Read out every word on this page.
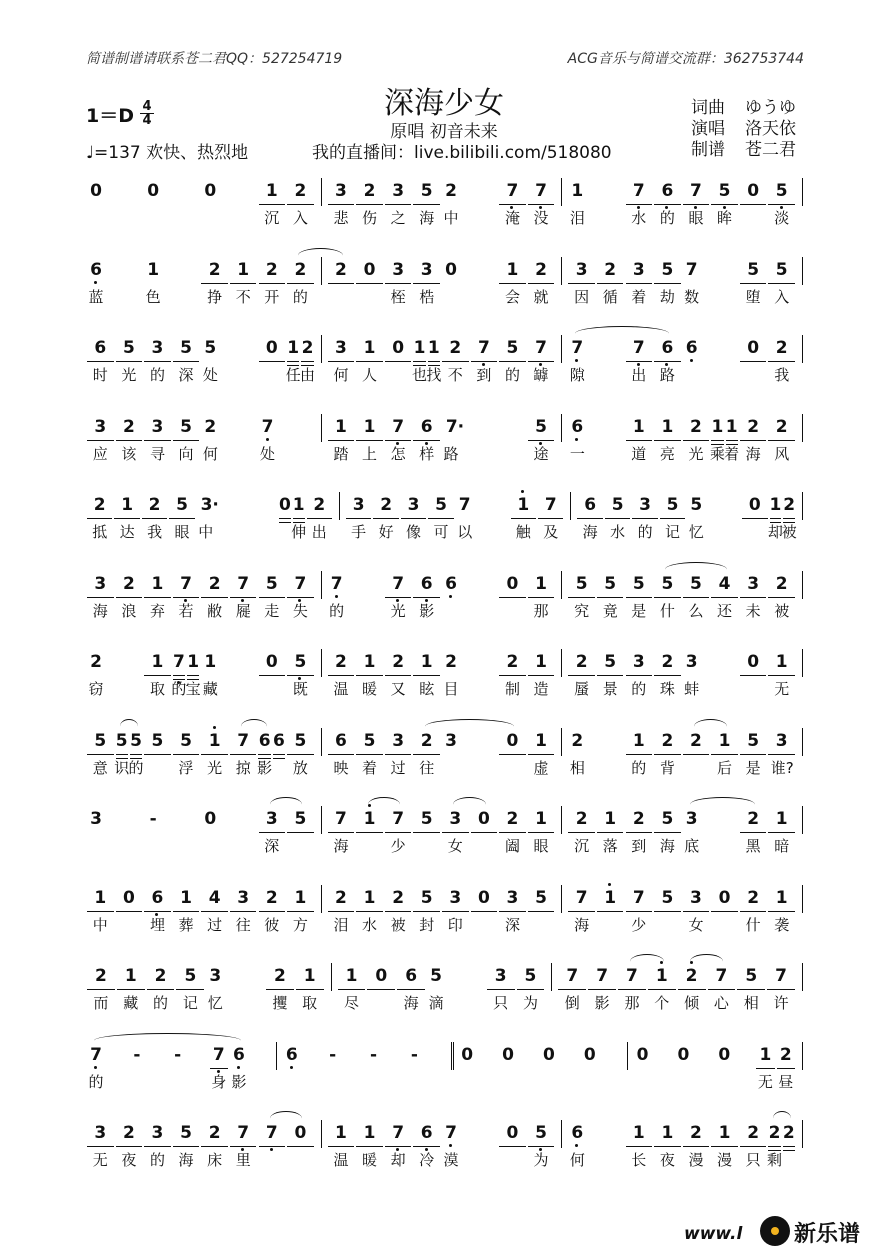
简谱制谱请联系苍二君QQ：527254719	ACG音乐与简谱交流群：362753744
深海少女
原唱 初音未来
$1=D \frac{4}{4}$
♩=137 欢快、热烈地	我的直播间：live.bilibili.com/518080
词曲 ゆうゆ
演唱 洛天依
制谱 苍二君
0	0	0	1 2 3 2 3 5 2	7 7 1	7 6 7 5 0 5
沉 入 悲 伤 之 海 中	淹 没 泪	水 的 眼 眸	淡
6	1	2 1 2 2 2 0 3 3 0	1 2 3 2 3 5 7	5 5
蓝	色	挣 不 开 的	桎 梏	会 就 因 循 着 劫 数	堕 入
6 5 3 5 5	0 1 2 3 1 0 1 1 2 7 5 7 7	7 6 6	0 2
时 光 的 深 处	任 由 何 人 也 找 不 到 的 罅 隙	出 路	我
3 2 3 5 2	7	1 1 7 6 7·	5 6	1 1 2 1 1 2 2
应 该 寻 向 何	处	踏 上 怎 样 路	途 一	道 亮 光 乘 着 海 风
2 1 2 5 3·	0 1 2 3 2 3 5 7	1 7 6 5 3 5 5	0 1 2
抵 达 我 眼 中	伸 出 手 好 像 可 以	触 及 海 水 的 记 忆	却
被
3 2 1 7 2 7 5 7 7	7 6 6	0 1 5 5 5 5 5 4 3 2
海 浪 弃 若 敝 屣 走 失 的	光 影	那 究 竟 是 什 么 还 未 被
2	1 7 1 1	0 5 2 1 2 1 2	2 1 2 5 3 2 3	0 1
窃	取 的 宝 藏	既 温 暖 又 眩 目	制 造 蜃 景 的 珠 蚌	无
5 5 5 5 5 1 7 6 6 5 6 5 3 2 3	0 1 2	1 2 2 1 5 3
意 识 的 浮 光 掠 影 放 映 着 过 往	虚 相	的 背	后 是 谁?
3	-	0	3 5 7 1 7 5 3 0 2 1 2 1 2 5 3	2 1
深	海	少	女	阖 眼 沉 落 到 海 底	黑 暗
1 0 6 1 4 3 2 1 2 1 2 5 3 0 3 5 7 1 7 5 3 0 2 1
中	埋 葬 过 往 彼 方 泪 水 被 封 印	深	海	少	女	什 袭
2 1 2 5 3	2 1 1 0 6 5	3 5 7 7 7 1 2 7 5 7
而 藏 的 记 忆	攫 取 尽	海 滴	只 为 倒 影 那 个 倾 心 相 许
7	-	-	7 6 6	-	-	-	0 0 0 0 0 0 0 1 2
的	身 影	无 昼
3 2 3 5 2 7 7 0 1 1 7 6 7	0 5 6	1 1 2 1 2 2 2
无 夜 的 海 床 里	温 暖 却 冷 漠	为 何	长 夜 漫 漫 只 剩
www.l 新乐谱
